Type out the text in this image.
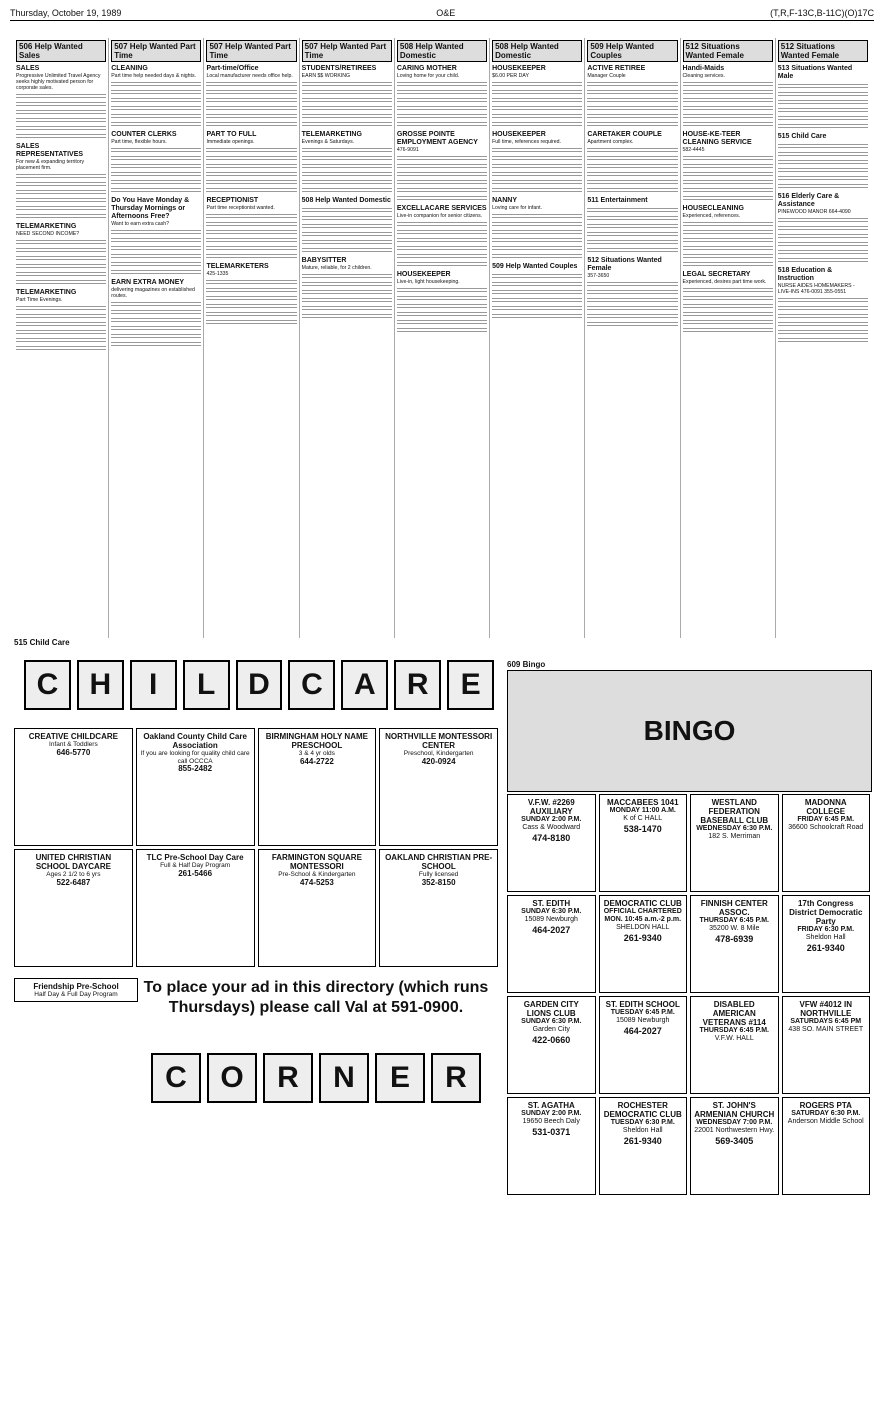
Thursday, October 19, 1989	O&E	(T,R,F-13C,B-11C)(O)17C
506 Help Wanted Sales
SALES
Progressive Unlimited Travel Agency seeks highly motivated person for corporate sales.
SALES REPRESENTATIVES
For new & expanding territory placement firm.
TELEMARKETING
NEED SECOND INCOME?
TELEMARKETING
Part Time Evenings.
507 Help Wanted Part Time
CLEANING
Part time help needed days & nights.
COUNTER CLERKS
Part time, flexible hours.
Do You Have Monday & Thursday Mornings or Afternoons Free?
Want to earn extra cash?
EARN EXTRA MONEY
delivering magazines on established routes.
507 Help Wanted Part Time
Part-time/Office
Local manufacturer needs office help.
PART TO FULL
Immediate openings.
RECEPTIONIST
Part time receptionist wanted.
TELEMARKETERS
425-1335
507 Help Wanted Part Time
STUDENTS/RETIREES
EARN $$ WORKING
TELEMARKETING
Evenings & Saturdays.
508 Help Wanted Domestic
BABYSITTER
Mature, reliable, for 2 children.
508 Help Wanted Domestic
CARING MOTHER
Loving home for your child.
GROSSE POINTE EMPLOYMENT AGENCY
476-9091
EXCELLACARE SERVICES
Live-in companion for senior citizens.
HOUSEKEEPER
Live-in, light housekeeping.
508 Help Wanted Domestic
HOUSEKEEPER
$6.00 PER DAY
HOUSEKEEPER
Full time, references required.
NANNY
Loving care for infant.
509 Help Wanted Couples
509 Help Wanted Couples
ACTIVE RETIREE
Manager Couple
CARETAKER COUPLE
Apartment complex.
511 Entertainment
512 Situations Wanted Female
357-3650
512 Situations Wanted Female
Handi-Maids
Cleaning services.
HOUSE-KE-TEER CLEANING SERVICE
582-4445
HOUSECLEANING
Experienced, references.
LEGAL SECRETARY
Experienced, desires part time work.
512 Situations Wanted Female
513 Situations Wanted Male
515 Child Care
516 Elderly Care & Assistance
PINEWOOD MANOR 664-4090
518 Education & Instruction
NURSE AIDES HOMEMAKERS - LIVE-INS 476-0091 355-0551
515 Child Care
C	H	I	L	D	C	A	R	E
CREATIVE CHILDCARE
Infant & Toddlers
646-5770
Oakland County Child Care Association
If you are looking for quality child care call OCCCA
855-2482
BIRMINGHAM HOLY NAME PRESCHOOL
3 & 4 yr olds
644-2722
NORTHVILLE MONTESSORI CENTER
Preschool, Kindergarten
420-0924
UNITED CHRISTIAN SCHOOL DAYCARE
Ages 2 1/2 to 6 yrs
522-6487
TLC Pre-School Day Care
Full & Half Day Program
261-5466
FARMINGTON SQUARE MONTESSORI
Pre-School & Kindergarten
474-5253
OAKLAND CHRISTIAN PRE-SCHOOL
Fully licensed
352-8150
Friendship Pre-School
Half Day & Full Day Program	To place your ad in this directory (which runs Thursdays) please call Val at 591-0900.
C	O	R	N	E	R
609 Bingo
BINGO
V.F.W. #2269 AUXILIARY
SUNDAY 2:00 P.M.
Cass & Woodward
474-8180
MACCABEES 1041
MONDAY 11:00 A.M.
K of C HALL
538-1470
WESTLAND FEDERATION BASEBALL CLUB
WEDNESDAY 6:30 P.M.
182 S. Merriman
MADONNA COLLEGE
FRIDAY 6:45 P.M.
36600 Schoolcraft Road
ST. EDITH
SUNDAY 6:30 P.M.
15089 Newburgh
464-2027
DEMOCRATIC CLUB
OFFICIAL CHARTERED MON. 10:45 a.m.-2 p.m.
SHELDON HALL
261-9340
FINNISH CENTER ASSOC.
THURSDAY 6:45 P.M.
35200 W. 8 Mile
478-6939
17th Congress District Democratic Party
FRIDAY 6:30 P.M.
Sheldon Hall
261-9340
GARDEN CITY LIONS CLUB
SUNDAY 6:30 P.M.
Garden City
422-0660
ST. EDITH SCHOOL
TUESDAY 6:45 P.M.
15089 Newburgh
464-2027
DISABLED AMERICAN VETERANS #114
THURSDAY 6:45 P.M.
V.F.W. HALL
VFW #4012 IN NORTHVILLE
SATURDAYS 6:45 PM
438 SO. MAIN STREET
ST. AGATHA
SUNDAY 2:00 P.M.
19650 Beech Daly
531-0371
ROCHESTER DEMOCRATIC CLUB
TUESDAY 6:30 P.M.
Sheldon Hall
261-9340
ST. JOHN'S ARMENIAN CHURCH
WEDNESDAY 7:00 P.M.
22001 Northwestern Hwy.
569-3405
ROGERS PTA
SATURDAY 6:30 P.M.
Anderson Middle School
